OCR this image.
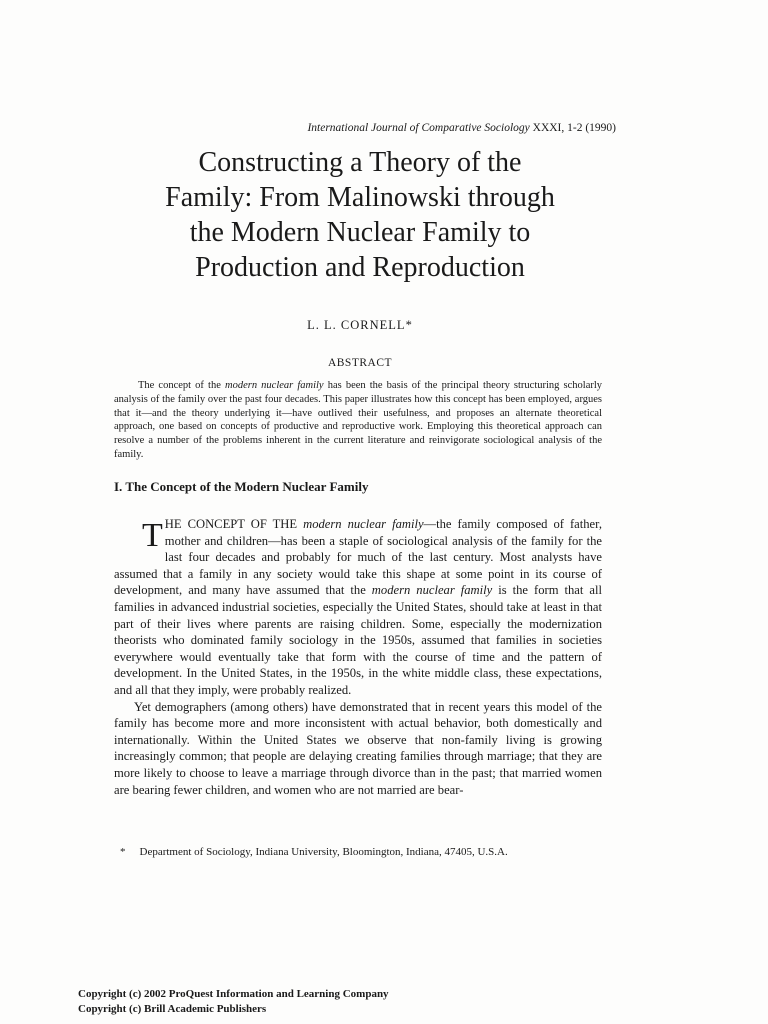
International Journal of Comparative Sociology XXXI, 1-2 (1990)
Constructing a Theory of the
Family: From Malinowski through
the Modern Nuclear Family to
Production and Reproduction
L. L. CORNELL*
ABSTRACT

The concept of the modern nuclear family has been the basis of the principal theory structuring scholarly analysis of the family over the past four decades. This paper illustrates how this concept has been employed, argues that it—and the theory underlying it—have outlived their usefulness, and proposes an alternate theoretical approach, one based on concepts of productive and reproductive work. Employing this theoretical approach can resolve a number of the problems inherent in the current literature and reinvigorate sociological analysis of the family.

I. The Concept of the Modern Nuclear Family

THE CONCEPT OF THE modern nuclear family—the family composed of father, mother and children—has been a staple of sociological analysis of the family for the last four decades and probably for much of the last century. Most analysts have assumed that a family in any society would take this shape at some point in its course of development, and many have assumed that the modern nuclear family is the form that all families in advanced industrial societies, especially the United States, should take at least in that part of their lives where parents are raising children. Some, especially the modernization theorists who dominated family sociology in the 1950s, assumed that families in societies everywhere would eventually take that form with the course of time and the pattern of development. In the United States, in the 1950s, in the white middle class, these expectations, and all that they imply, were probably realized.

Yet demographers (among others) have demonstrated that in recent years this model of the family has become more and more inconsistent with actual behavior, both domestically and internationally. Within the United States we observe that non-family living is growing increasingly common; that people are delaying creating families through marriage; that they are more likely to choose to leave a marriage through divorce than in the past; that married women are bearing fewer children, and women who are not married are bear-

* Department of Sociology, Indiana University, Bloomington, Indiana, 47405, U.S.A.

Copyright (c) 2002 ProQuest Information and Learning Company
Copyright (c) Brill Academic Publishers
